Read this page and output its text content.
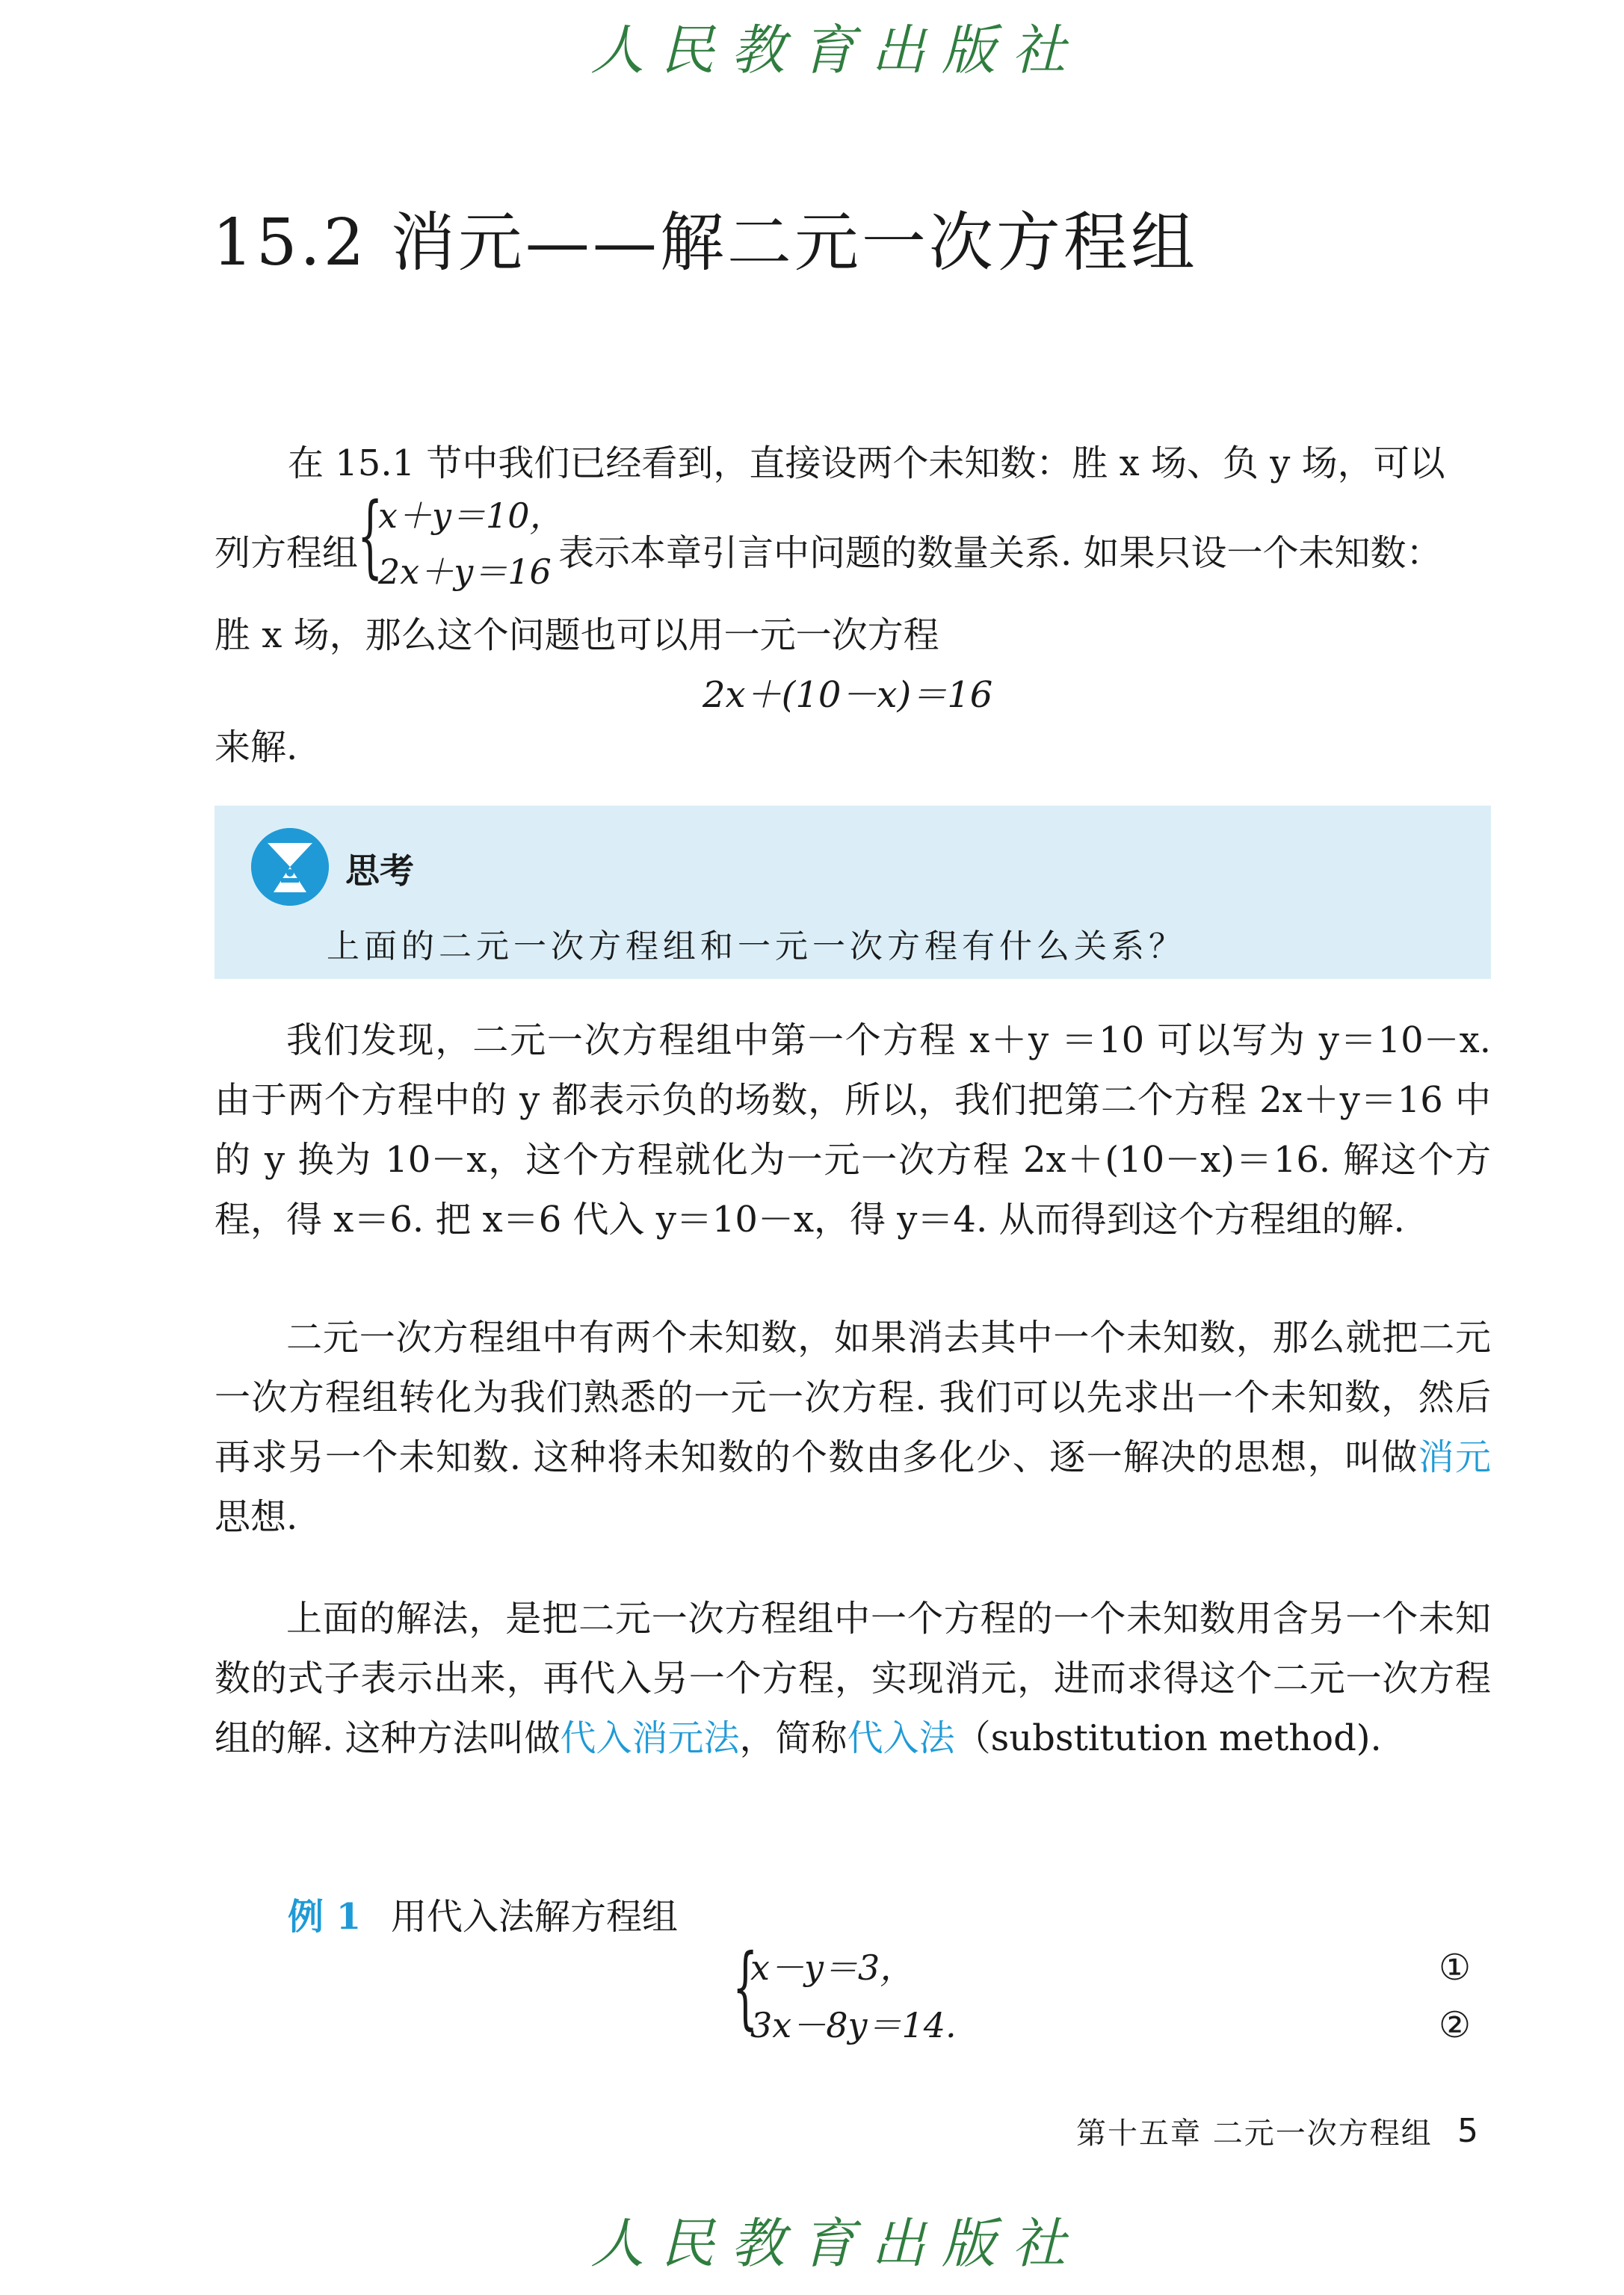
人民教育出版社
15.2 消元——解二元一次方程组
在 15.1 节中我们已经看到，直接设两个未知数：胜 x 场、负 y 场，可以
列方程组
{
x＋y＝10，
2x＋y＝16 表示本章引言中问题的数量关系. 如果只设一个未知数：
胜 x 场，那么这个问题也可以用一元一次方程
2x＋(10－x)＝16
来解.
思考
上面的二元一次方程组和一元一次方程有什么关系？
我们发现，二元一次方程组中第一个方程 x＋y ＝10 可以写为 y＝10－x. 由于两个方程中的 y 都表示负的场数，所以，我们把第二个方程 2x＋y＝16 中的 y 换为 10－x，这个方程就化为一元一次方程 2x＋(10－x)＝16. 解这个方程，得 x＝6. 把 x＝6 代入 y＝10－x，得 y＝4. 从而得到这个方程组的解.
二元一次方程组中有两个未知数，如果消去其中一个未知数，那么就把二元一次方程组转化为我们熟悉的一元一次方程. 我们可以先求出一个未知数，然后再求另一个未知数. 这种将未知数的个数由多化少、逐一解决的思想，叫做消元思想.
上面的解法，是把二元一次方程组中一个方程的一个未知数用含另一个未知数的式子表示出来，再代入另一个方程，实现消元，进而求得这个二元一次方程组的解. 这种方法叫做代入消元法，简称代入法（substitution method).
例 1 用代入法解方程组
{
x－y＝3，
3x－8y＝14.
①
②
第十五章 二元一次方程组 5
人民教育出版社
